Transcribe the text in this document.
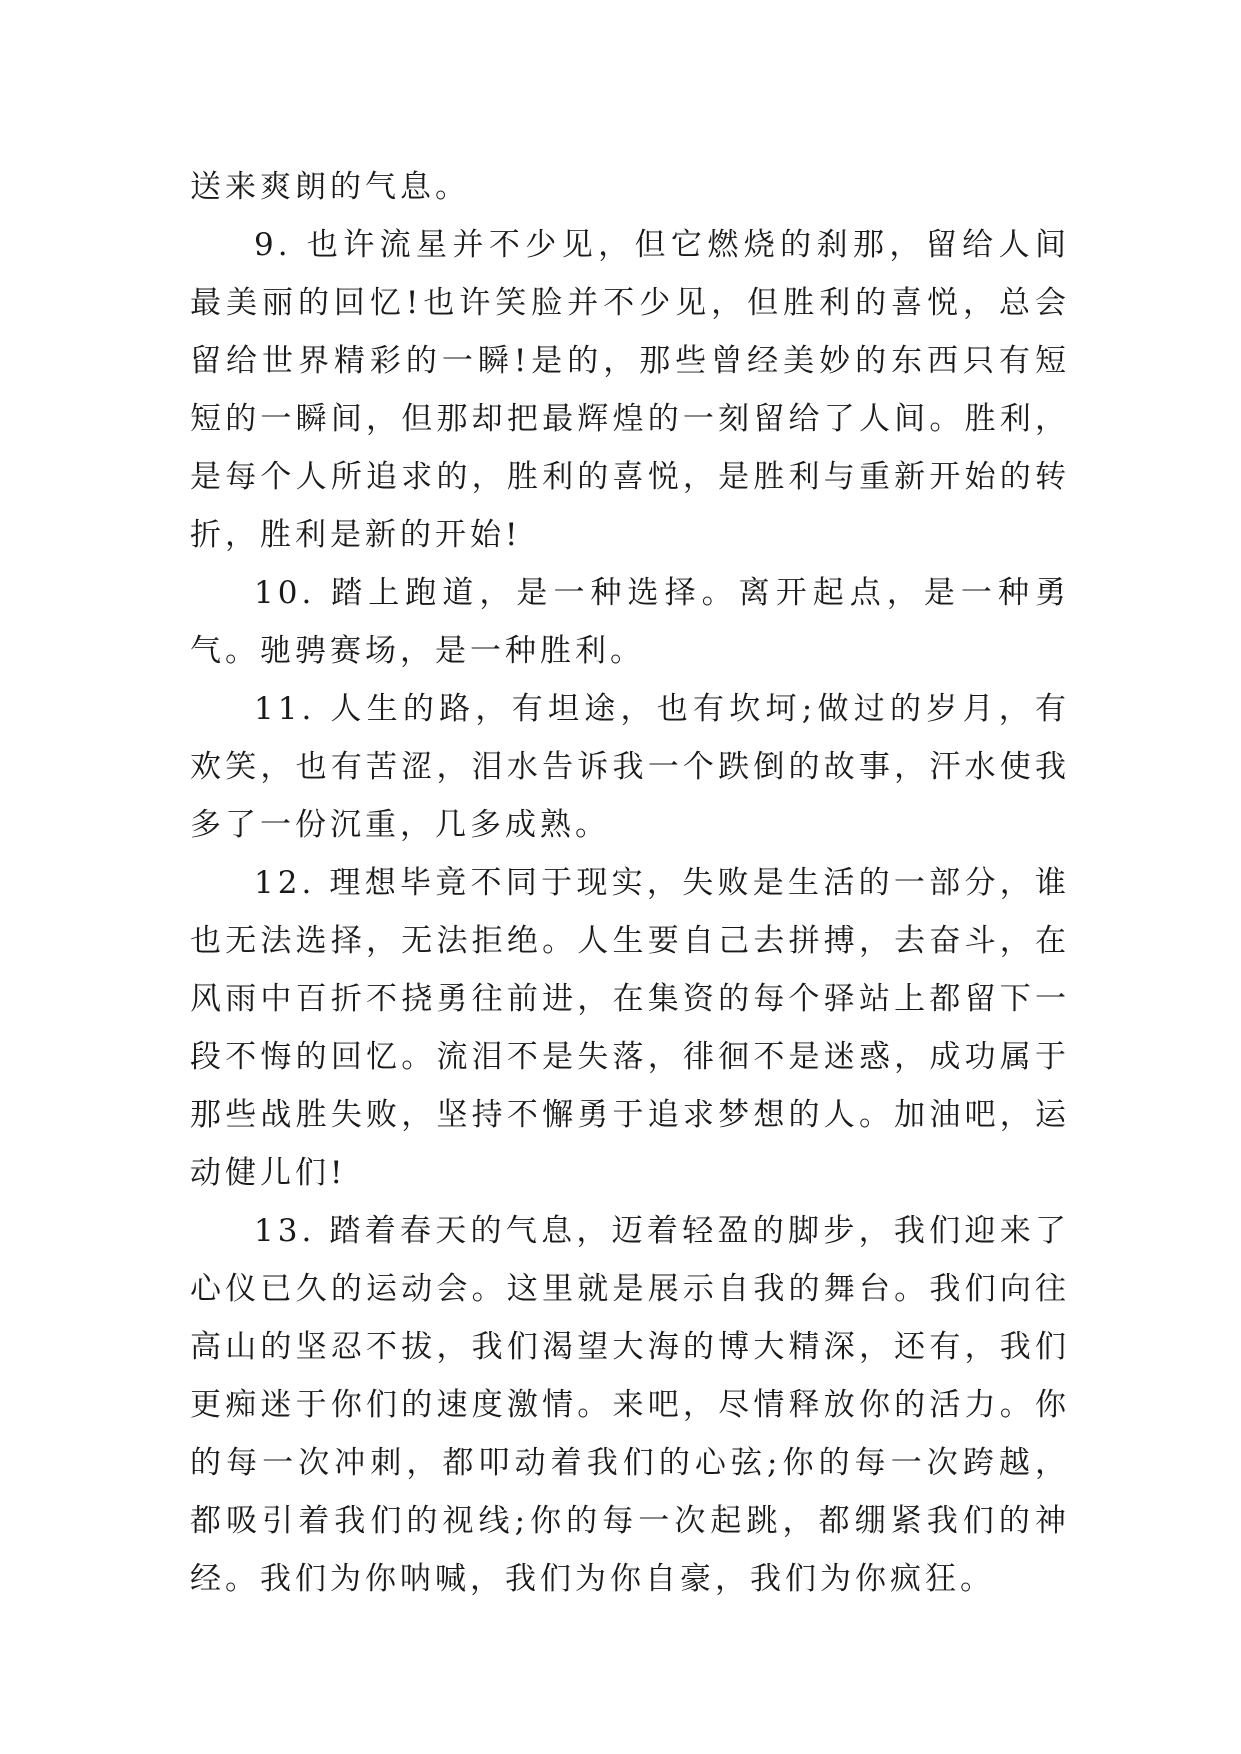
送来爽朗的气息。

9. 也许流星并不少见，但它燃烧的刹那，留给人间最美丽的回忆!也许笑脸并不少见，但胜利的喜悦，总会留给世界精彩的一瞬!是的，那些曾经美妙的东西只有短短的一瞬间，但那却把最辉煌的一刻留给了人间。胜利，是每个人所追求的，胜利的喜悦，是胜利与重新开始的转折，胜利是新的开始!

10. 踏上跑道，是一种选择。离开起点，是一种勇气。驰骋赛场，是一种胜利。

11. 人生的路，有坦途，也有坎坷;做过的岁月，有欢笑，也有苦涩，泪水告诉我一个跌倒的故事，汗水使我多了一份沉重，几多成熟。

12. 理想毕竟不同于现实，失败是生活的一部分，谁也无法选择，无法拒绝。人生要自己去拼搏，去奋斗，在风雨中百折不挠勇往前进，在集资的每个驿站上都留下一段不悔的回忆。流泪不是失落，徘徊不是迷惑，成功属于那些战胜失败，坚持不懈勇于追求梦想的人。加油吧，运动健儿们!

13. 踏着春天的气息，迈着轻盈的脚步，我们迎来了心仪已久的运动会。这里就是展示自我的舞台。我们向往高山的坚忍不拔，我们渴望大海的博大精深，还有，我们更痴迷于你们的速度激情。来吧，尽情释放你的活力。你的每一次冲刺，都叩动着我们的心弦;你的每一次跨越，都吸引着我们的视线;你的每一次起跳，都绷紧我们的神经。我们为你呐喊，我们为你自豪，我们为你疯狂。
